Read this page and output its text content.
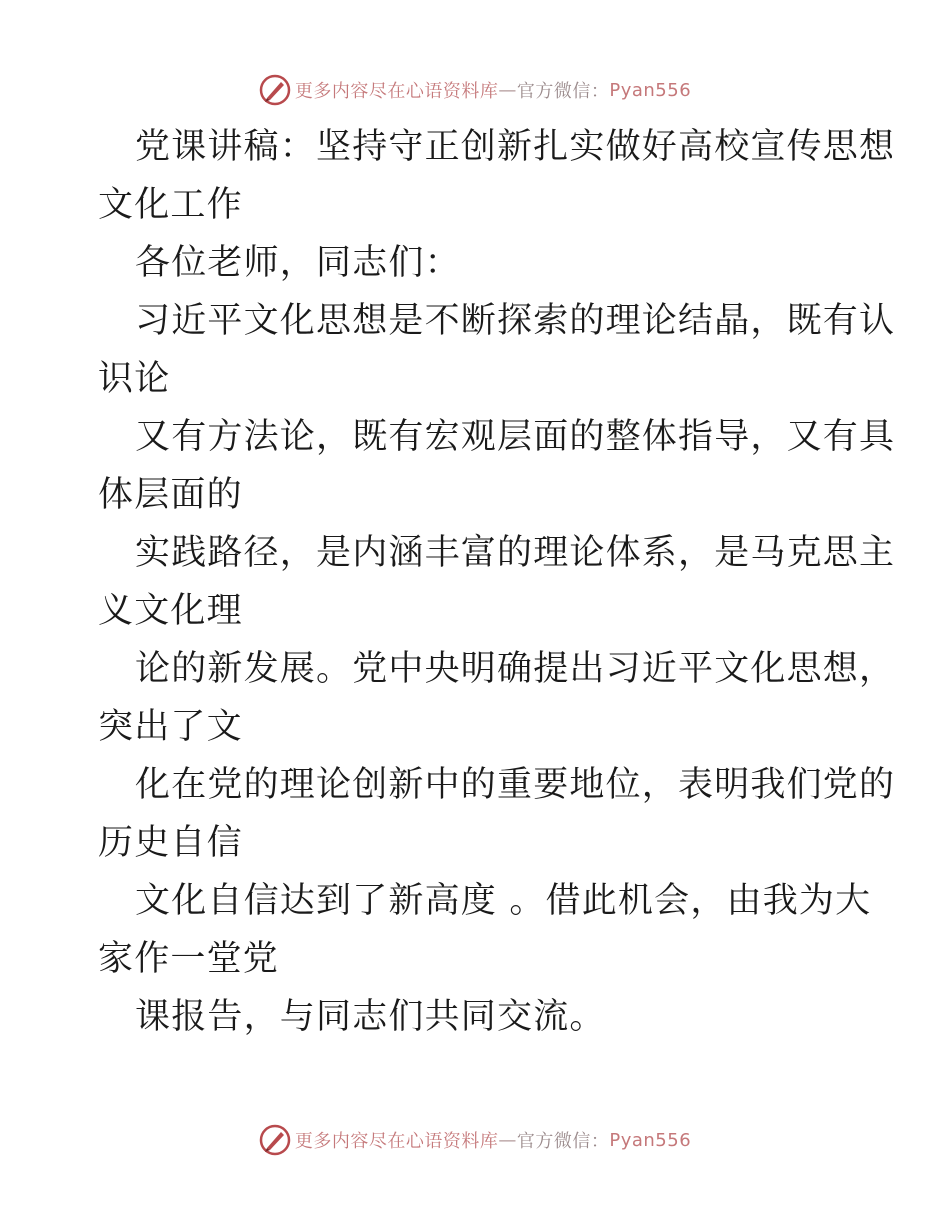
更多内容尽在心语资料库 — 官方微信： Pyan556
党课讲稿：坚持守正创新扎实做好高校宣传思想
文化工作
各位老师，同志们：
习近平文化思想是不断探索的理论结晶，既有认
识论
又有方法论，既有宏观层面的整体指导，又有具
体层面的
实践路径，是内涵丰富的理论体系，是马克思主
义文化理
论的新发展。党中央明确提出习近平文化思想，
突出了文
化在党的理论创新中的重要地位，表明我们党的
历史自信
文化自信达到了新高度 。借此机会，由我为大
家作一堂党
课报告，与同志们共同交流。
更多内容尽在心语资料库 — 官方微信： Pyan556
